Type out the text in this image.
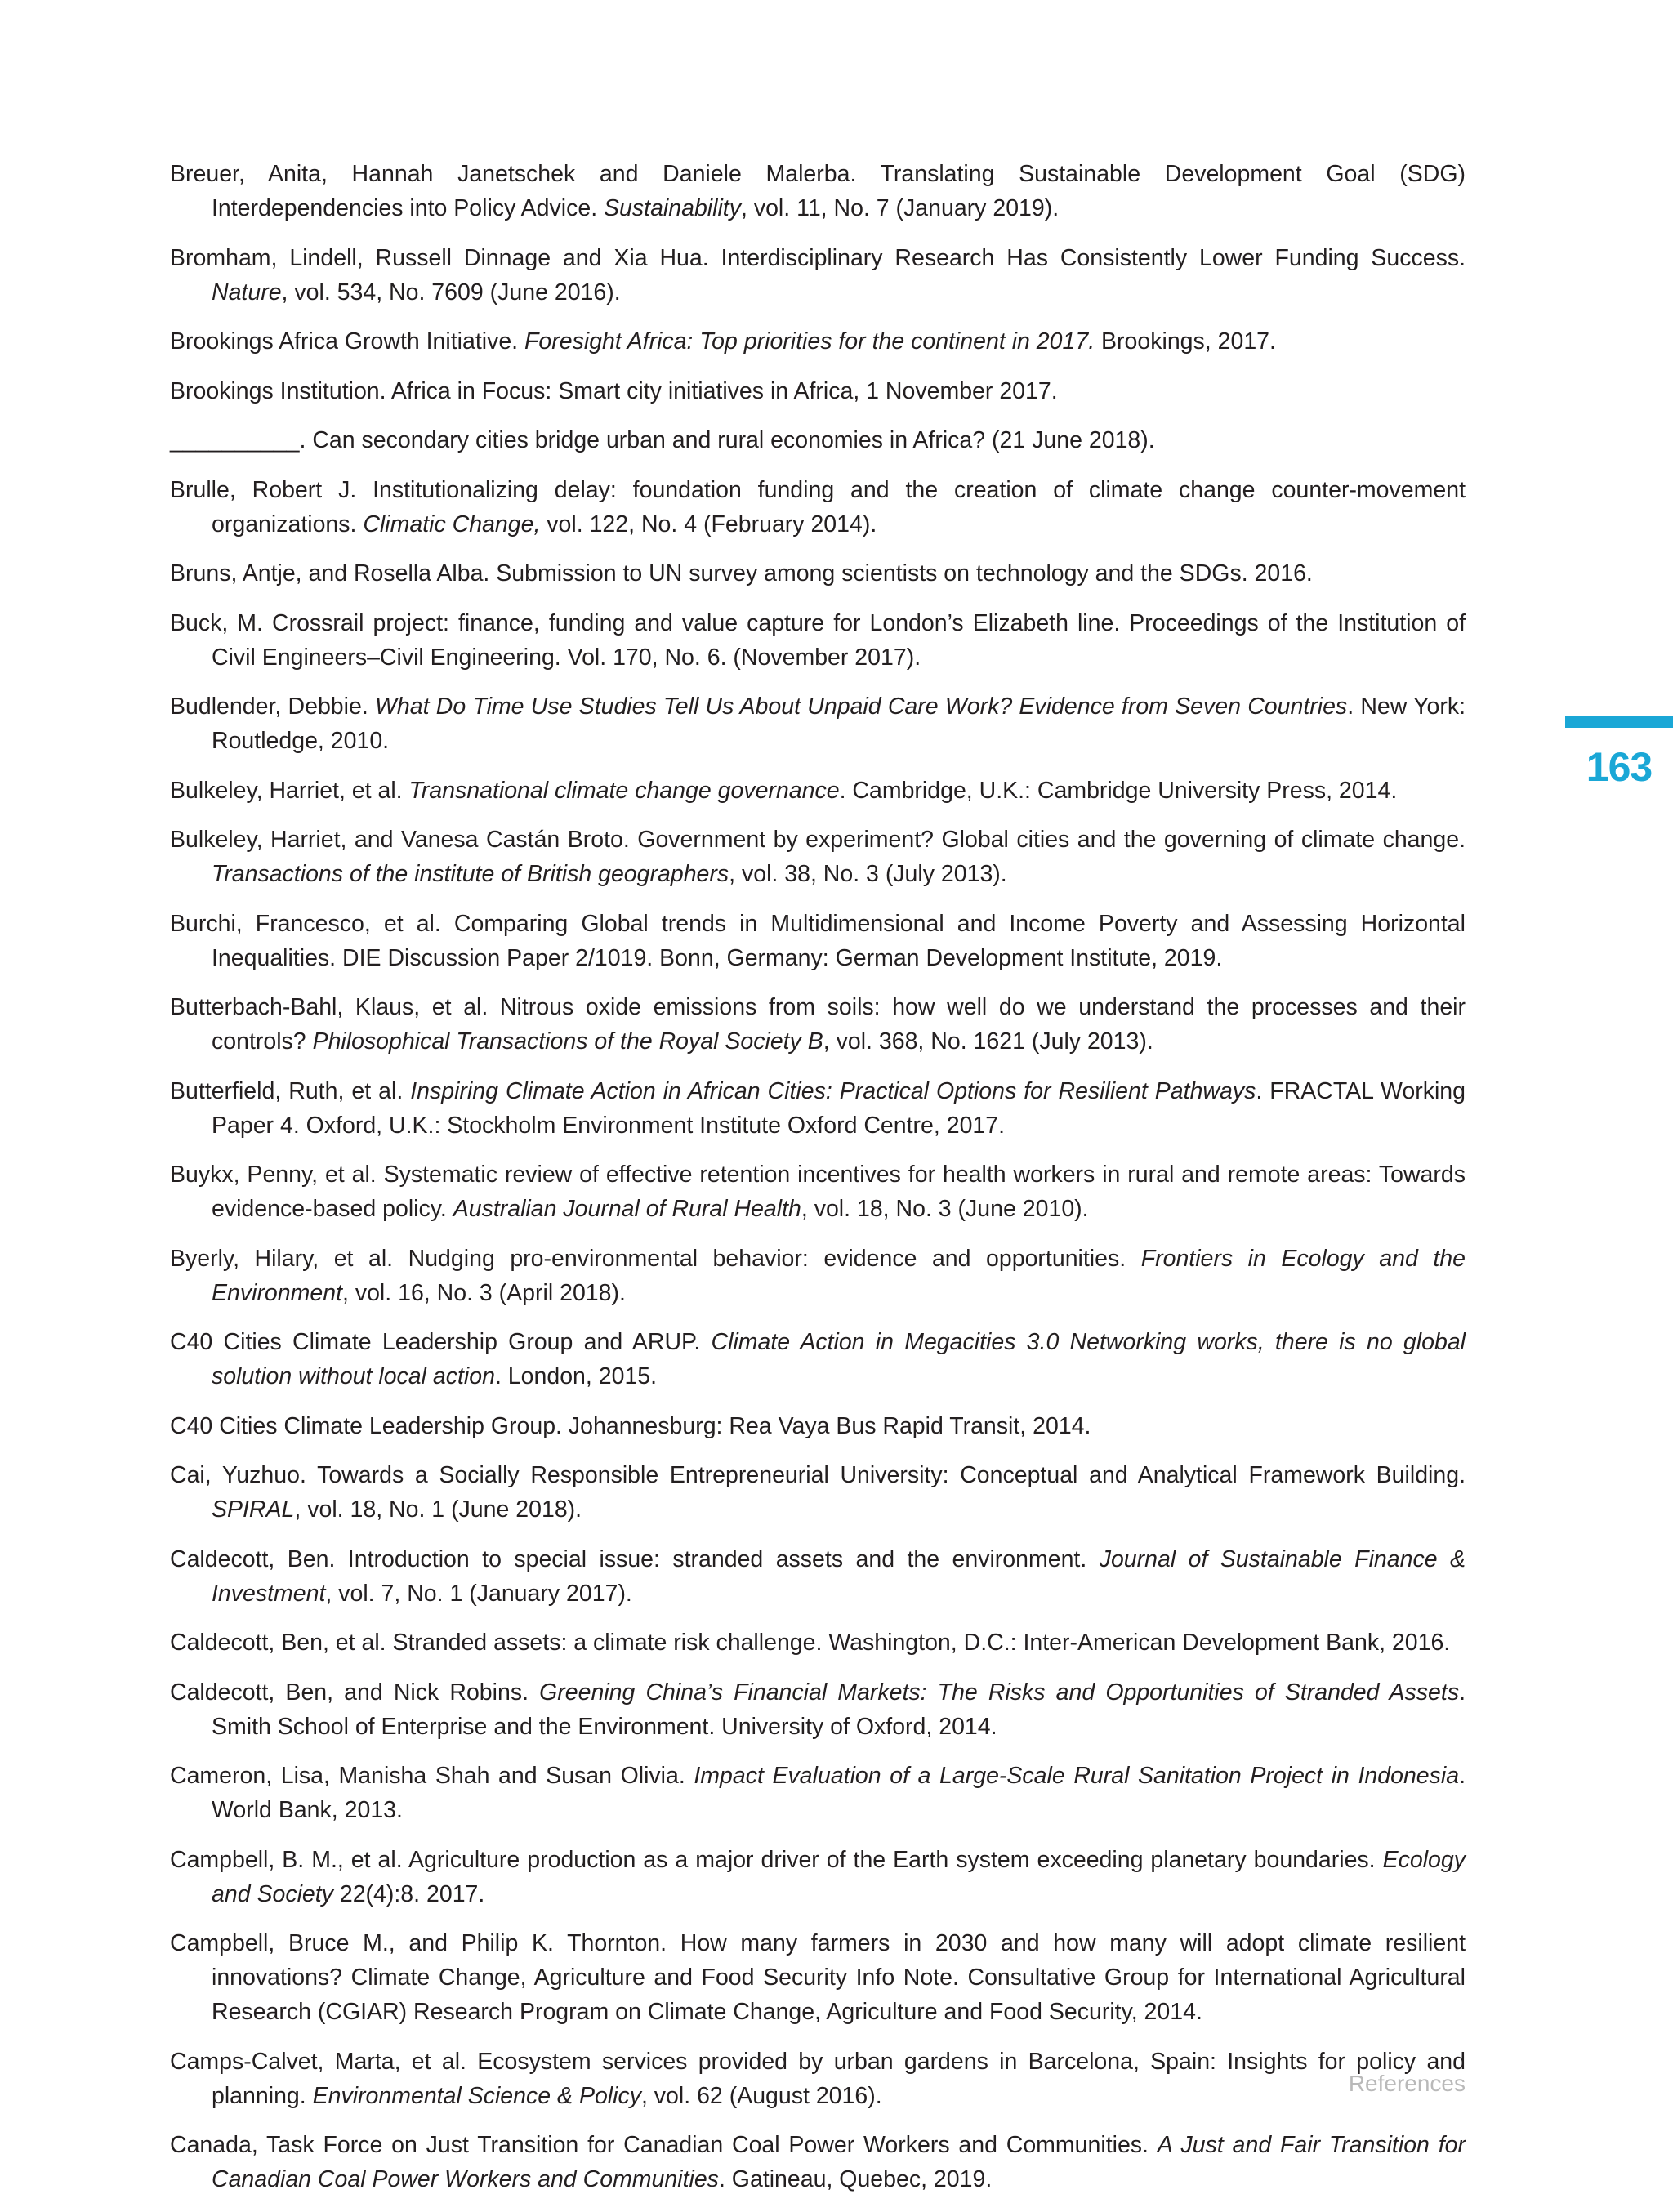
Breuer, Anita, Hannah Janetschek and Daniele Malerba. Translating Sustainable Development Goal (SDG) Interdependencies into Policy Advice. Sustainability, vol. 11, No. 7 (January 2019).

Bromham, Lindell, Russell Dinnage and Xia Hua. Interdisciplinary Research Has Consistently Lower Funding Success. Nature, vol. 534, No. 7609 (June 2016).

Brookings Africa Growth Initiative. Foresight Africa: Top priorities for the continent in 2017. Brookings, 2017.

Brookings Institution. Africa in Focus: Smart city initiatives in Africa, 1 November 2017.

__________. Can secondary cities bridge urban and rural economies in Africa? (21 June 2018).

Brulle, Robert J. Institutionalizing delay: foundation funding and the creation of climate change counter-movement organizations. Climatic Change, vol. 122, No. 4 (February 2014).

Bruns, Antje, and Rosella Alba. Submission to UN survey among scientists on technology and the SDGs. 2016.

Buck, M. Crossrail project: finance, funding and value capture for London’s Elizabeth line. Proceedings of the Institution of Civil Engineers–Civil Engineering. Vol. 170, No. 6. (November 2017).

Budlender, Debbie. What Do Time Use Studies Tell Us About Unpaid Care Work? Evidence from Seven Countries. New York: Routledge, 2010.

Bulkeley, Harriet, et al. Transnational climate change governance. Cambridge, U.K.: Cambridge University Press, 2014.

Bulkeley, Harriet, and Vanesa Castán Broto. Government by experiment? Global cities and the governing of climate change. Transactions of the institute of British geographers, vol. 38, No. 3 (July 2013).

Burchi, Francesco, et al. Comparing Global trends in Multidimensional and Income Poverty and Assessing Horizontal Inequalities. DIE Discussion Paper 2/1019. Bonn, Germany: German Development Institute, 2019.

Butterbach-Bahl, Klaus, et al. Nitrous oxide emissions from soils: how well do we understand the processes and their controls? Philosophical Transactions of the Royal Society B, vol. 368, No. 1621 (July 2013).

Butterfield, Ruth, et al. Inspiring Climate Action in African Cities: Practical Options for Resilient Pathways. FRACTAL Working Paper 4. Oxford, U.K.: Stockholm Environment Institute Oxford Centre, 2017.

Buykx, Penny, et al. Systematic review of effective retention incentives for health workers in rural and remote areas: Towards evidence-based policy. Australian Journal of Rural Health, vol. 18, No. 3 (June 2010).

Byerly, Hilary, et al. Nudging pro-environmental behavior: evidence and opportunities. Frontiers in Ecology and the Environment, vol. 16, No. 3 (April 2018).

C40 Cities Climate Leadership Group and ARUP. Climate Action in Megacities 3.0 Networking works, there is no global solution without local action. London, 2015.

C40 Cities Climate Leadership Group. Johannesburg: Rea Vaya Bus Rapid Transit, 2014.

Cai, Yuzhuo. Towards a Socially Responsible Entrepreneurial University: Conceptual and Analytical Framework Building. SPIRAL, vol. 18, No. 1 (June 2018).

Caldecott, Ben. Introduction to special issue: stranded assets and the environment. Journal of Sustainable Finance & Investment, vol. 7, No. 1 (January 2017).

Caldecott, Ben, et al. Stranded assets: a climate risk challenge. Washington, D.C.: Inter-American Development Bank, 2016.

Caldecott, Ben, and Nick Robins. Greening China’s Financial Markets: The Risks and Opportunities of Stranded Assets. Smith School of Enterprise and the Environment. University of Oxford, 2014.

Cameron, Lisa, Manisha Shah and Susan Olivia. Impact Evaluation of a Large-Scale Rural Sanitation Project in Indonesia. World Bank, 2013.

Campbell, B. M., et al. Agriculture production as a major driver of the Earth system exceeding planetary boundaries. Ecology and Society 22(4):8. 2017.

Campbell, Bruce M., and Philip K. Thornton. How many farmers in 2030 and how many will adopt climate resilient innovations? Climate Change, Agriculture and Food Security Info Note. Consultative Group for International Agricultural Research (CGIAR) Research Program on Climate Change, Agriculture and Food Security, 2014.

Camps-Calvet, Marta, et al. Ecosystem services provided by urban gardens in Barcelona, Spain: Insights for policy and planning. Environmental Science & Policy, vol. 62 (August 2016).

Canada, Task Force on Just Transition for Canadian Coal Power Workers and Communities. A Just and Fair Transition for Canadian Coal Power Workers and Communities. Gatineau, Quebec, 2019.

163
References
